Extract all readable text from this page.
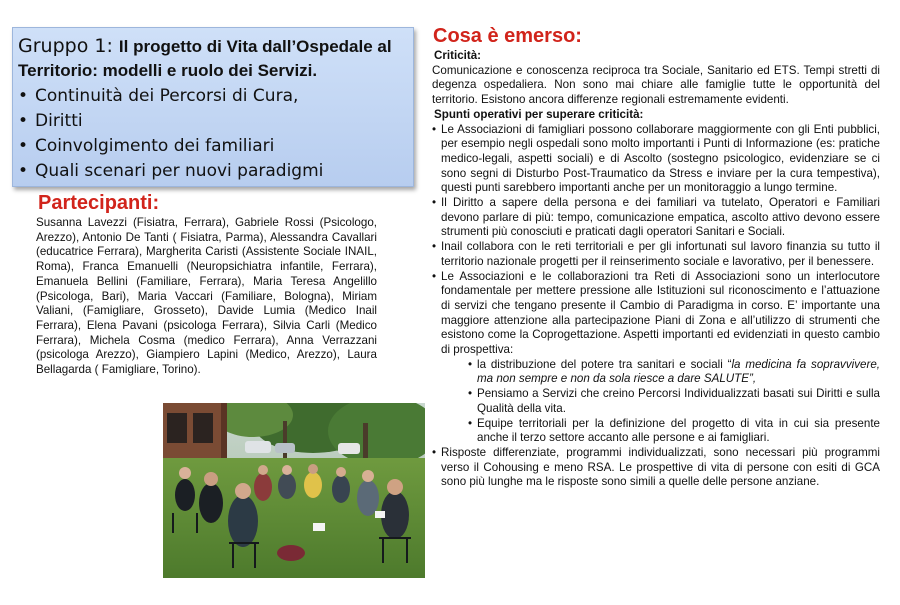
Gruppo 1: Il progetto di Vita dall’Ospedale al Territorio: modelli e ruolo dei Servizi.
• Continuità dei Percorsi di Cura,
• Diritti
• Coinvolgimento dei familiari
• Quali scenari per nuovi paradigmi
Partecipanti:
Susanna Lavezzi (Fisiatra, Ferrara), Gabriele Rossi (Psicologo, Arezzo), Antonio De Tanti ( Fisiatra, Parma), Alessandra Cavallari (educatrice Ferrara), Margherita Caristi (Assistente Sociale INAIL, Roma), Franca Emanuelli (Neuropsichiatra infantile, Ferrara), Emanuela Bellini (Familiare, Ferrara), Maria Teresa Angelillo (Psicologa, Bari), Maria Vaccari (Familiare, Bologna), Miriam Valiani, (Famigliare, Grosseto), Davide Lumia (Medico Inail Ferrara), Elena Pavani (psicologa Ferrara), Silvia Carli (Medico Ferrara), Michela Cosma (medico Ferrara), Anna Verrazzani (psicologa Arezzo), Giampiero Lapini (Medico, Arezzo), Laura Bellagarda ( Famigliare, Torino).
Cosa è emerso:
Criticità:
Comunicazione e conoscenza reciproca tra Sociale, Sanitario ed ETS. Tempi stretti di degenza ospedaliera. Non sono mai chiare alle famiglie tutte le opportunità del territorio. Esistono ancora differenze regionali estremamente evidenti.
Spunti operativi per superare criticità:
• Le Associazioni di famigliari possono collaborare maggiormente con gli Enti pubblici, per esempio negli ospedali sono molto importanti i Punti di Informazione (es: pratiche medico-legali, aspetti sociali) e di Ascolto (sostegno psicologico, evidenziare se ci sono segni di Disturbo Post-Traumatico da Stress e inviare per la cura tempestiva), questi punti sarebbero importanti anche per un monitoraggio a lungo termine.
• Il Diritto a sapere della persona e dei familiari va tutelato, Operatori e Familiari devono parlare di più: tempo, comunicazione empatica, ascolto attivo devono essere strumenti più conosciuti e praticati dagli operatori Sanitari e Sociali.
• Inail collabora con le reti territoriali e per gli infortunati sul lavoro finanzia su tutto il territorio nazionale progetti per il reinserimento sociale e lavorativo, per il benessere.
• Le Associazioni e le collaborazioni tra Reti di Associazioni sono un interlocutore fondamentale per mettere pressione alle Istituzioni sul riconoscimento e l’attuazione di servizi che tengano presente il Cambio di Paradigma in corso. E’ importante una maggiore attenzione alla partecipazione Piani di Zona e all’utilizzo di strumenti che esistono come la Coprogettazione. Aspetti importanti ed evidenziati in questo cambio di prospettiva:
• la distribuzione del potere tra sanitari e sociali “la medicina fa sopravvivere, ma non sempre e non da sola riesce a dare SALUTE”,
• Pensiamo a Servizi che creino Percorsi Individualizzati basati sui Diritti e sulla Qualità della vita.
• Equipe territoriali per la definizione del progetto di vita in cui sia presente anche il terzo settore accanto alle persone e ai famigliari.
• Risposte differenziate, programmi individualizzati, sono necessari più programmi verso il Cohousing e meno RSA. Le prospettive di vita di persone con esiti di GCA sono più lunghe ma le risposte sono simili a quelle delle persone anziane.
